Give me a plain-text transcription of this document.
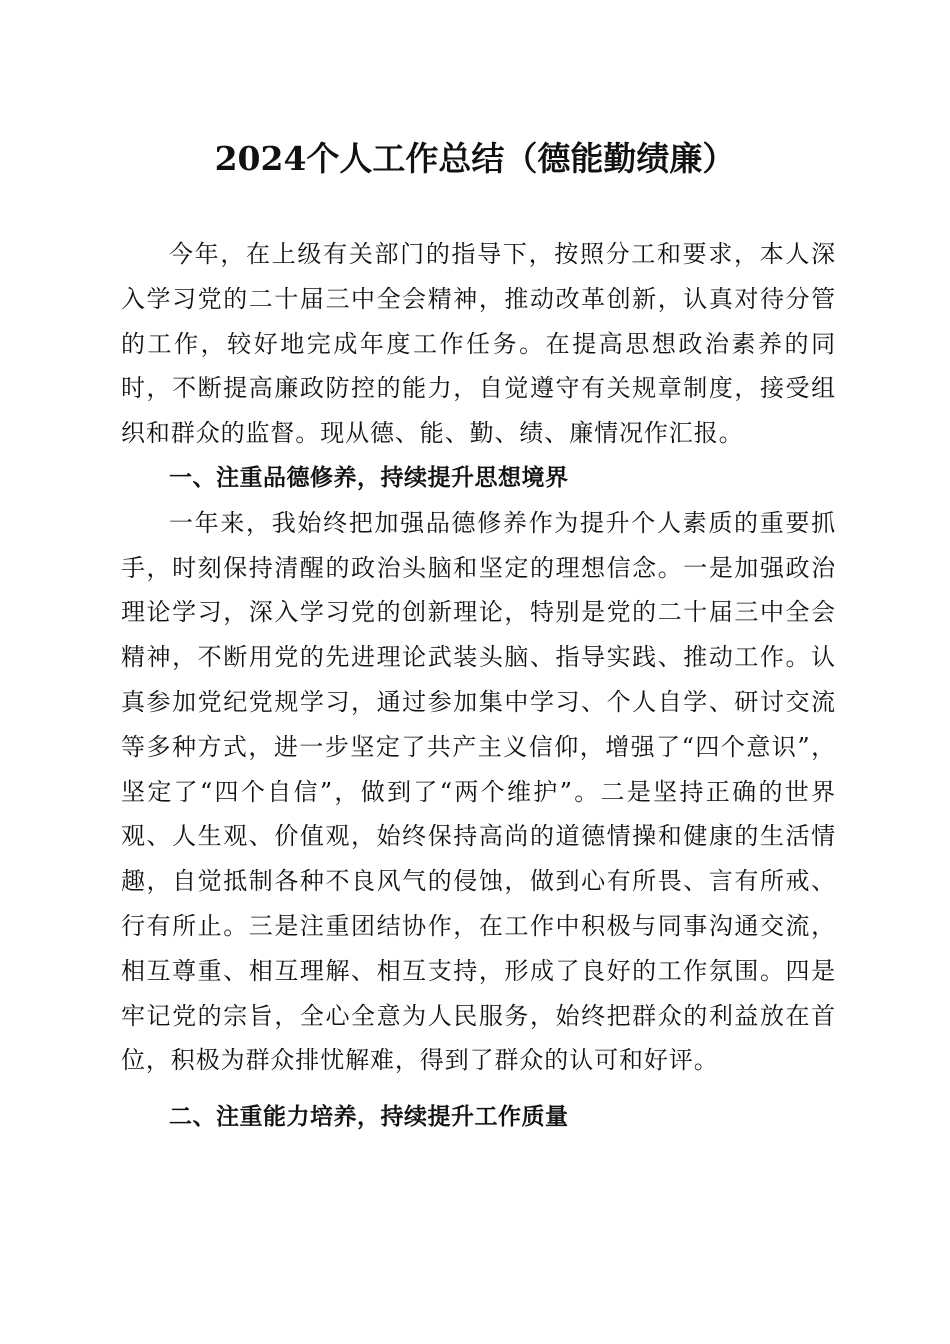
2024个人工作总结（德能勤绩廉）

今年，在上级有关部门的指导下，按照分工和要求，本人深入学习党的二十届三中全会精神，推动改革创新，认真对待分管的工作，较好地完成年度工作任务。在提高思想政治素养的同时，不断提高廉政防控的能力，自觉遵守有关规章制度，接受组织和群众的监督。现从德、能、勤、绩、廉情况作汇报。

一、注重品德修养，持续提升思想境界

一年来，我始终把加强品德修养作为提升个人素质的重要抓手，时刻保持清醒的政治头脑和坚定的理想信念。一是加强政治理论学习，深入学习党的创新理论，特别是党的二十届三中全会精神，不断用党的先进理论武装头脑、指导实践、推动工作。认真参加党纪党规学习，通过参加集中学习、个人自学、研讨交流等多种方式，进一步坚定了共产主义信仰，增强了“四个意识”，坚定了“四个自信”，做到了“两个维护”。二是坚持正确的世界观、人生观、价值观，始终保持高尚的道德情操和健康的生活情趣，自觉抵制各种不良风气的侵蚀，做到心有所畏、言有所戒、行有所止。三是注重团结协作，在工作中积极与同事沟通交流，相互尊重、相互理解、相互支持，形成了良好的工作氛围。四是牢记党的宗旨，全心全意为人民服务，始终把群众的利益放在首位，积极为群众排忧解难，得到了群众的认可和好评。

二、注重能力培养，持续提升工作质量
